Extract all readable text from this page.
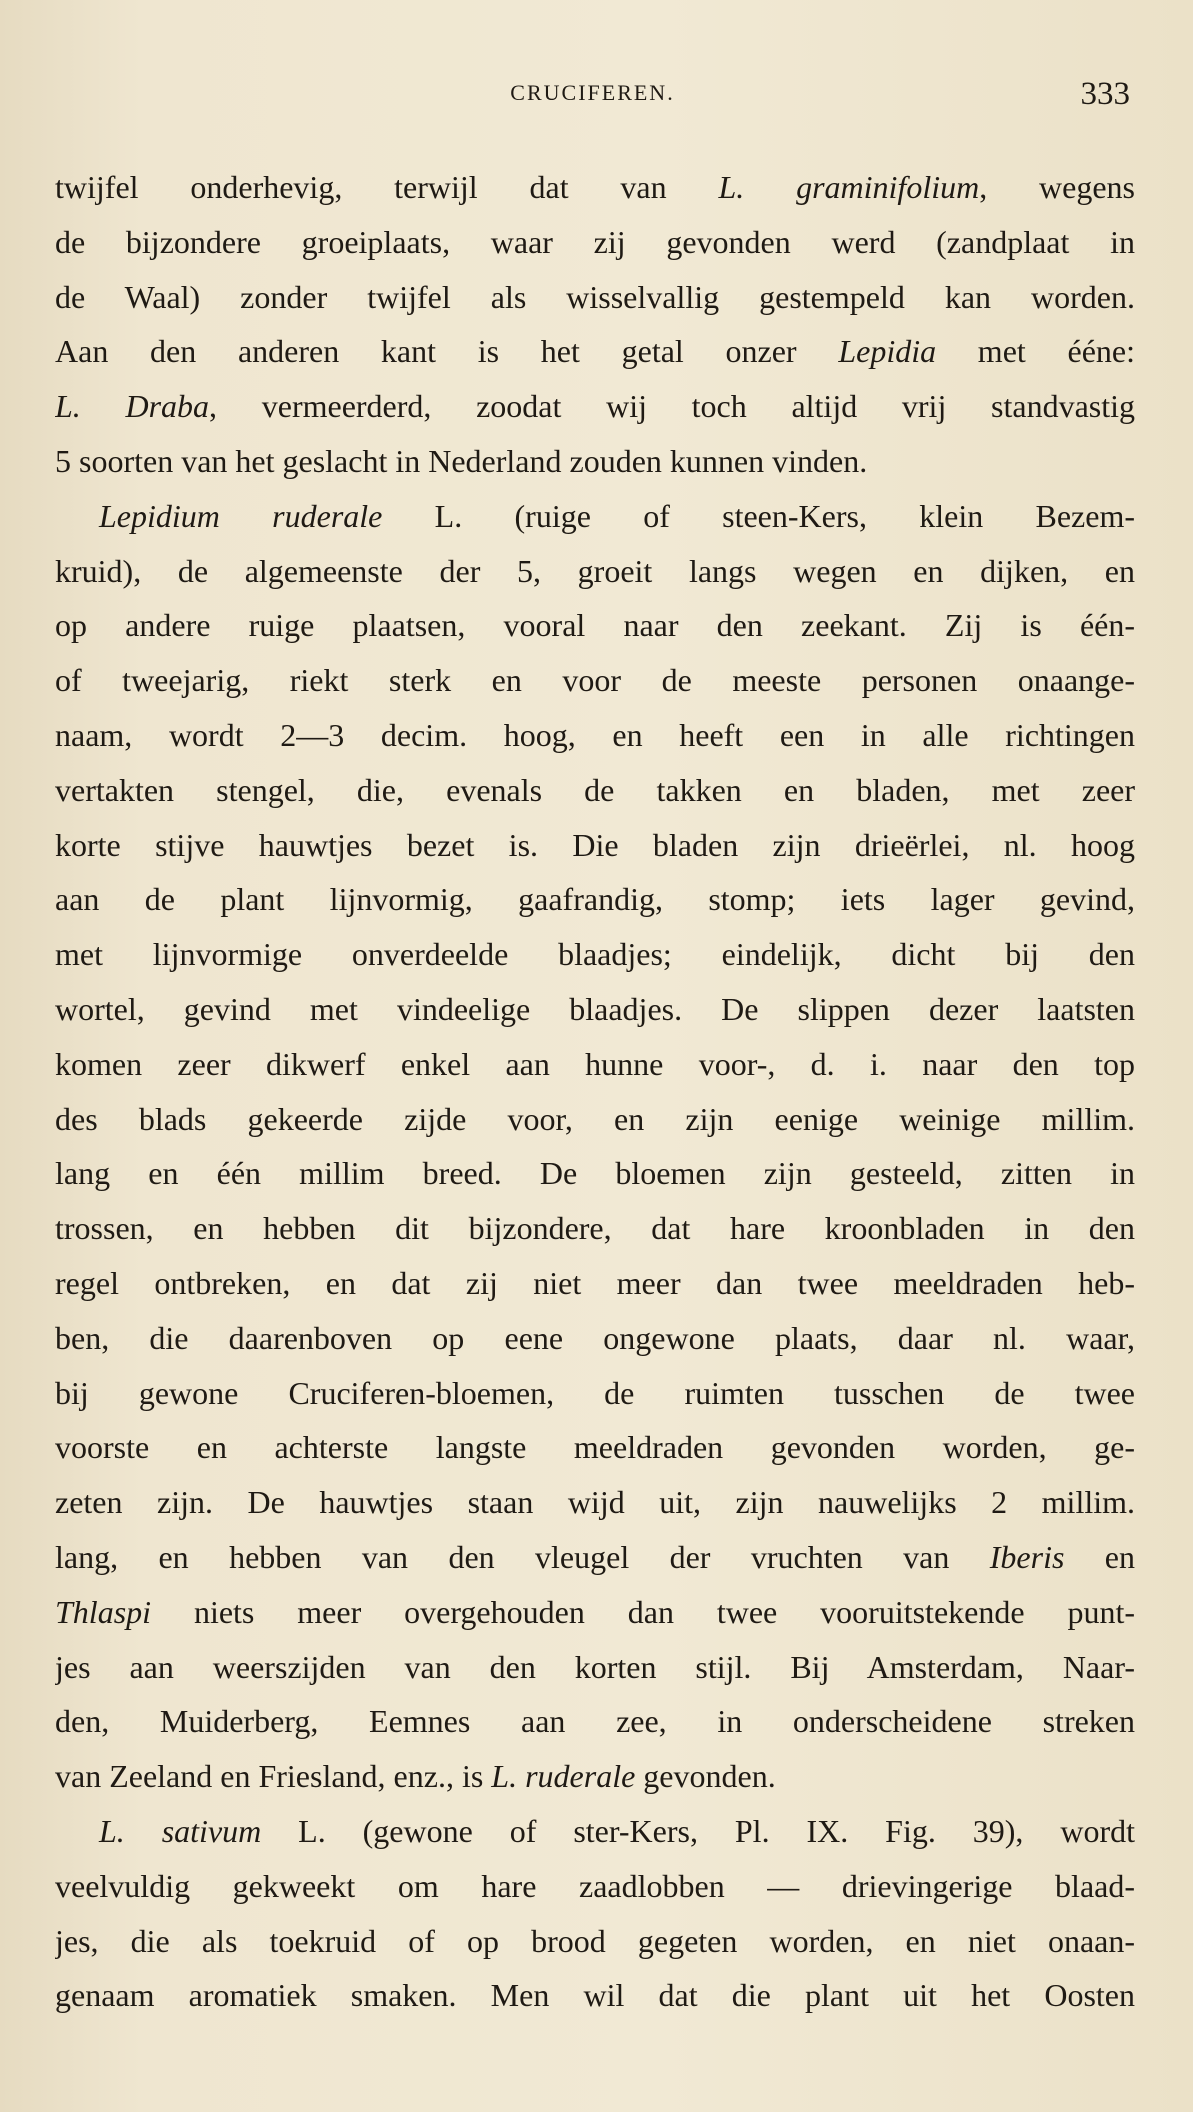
CRUCIFEREN.	333
twijfel onderhevig, terwijl dat van L. graminifolium, wegens
de bijzondere groeiplaats, waar zij gevonden werd (zandplaat in
de Waal) zonder twijfel als wisselvallig gestempeld kan worden.
Aan den anderen kant is het getal onzer Lepidia met ééne:
L. Draba, vermeerderd, zoodat wij toch altijd vrij standvastig
5 soorten van het geslacht in Nederland zouden kunnen vinden.
Lepidium ruderale L. (ruige of steen-Kers, klein Bezem-
kruid), de algemeenste der 5, groeit langs wegen en dijken, en
op andere ruige plaatsen, vooral naar den zeekant. Zij is één-
of tweejarig, riekt sterk en voor de meeste personen onaange-
naam, wordt 2—3 decim. hoog, en heeft een in alle richtingen
vertakten stengel, die, evenals de takken en bladen, met zeer
korte stijve hauwtjes bezet is. Die bladen zijn drieërlei, nl. hoog
aan de plant lijnvormig, gaafrandig, stomp; iets lager gevind,
met lijnvormige onverdeelde blaadjes; eindelijk, dicht bij den
wortel, gevind met vindeelige blaadjes. De slippen dezer laatsten
komen zeer dikwerf enkel aan hunne voor-, d. i. naar den top
des blads gekeerde zijde voor, en zijn eenige weinige millim.
lang en één millim breed. De bloemen zijn gesteeld, zitten in
trossen, en hebben dit bijzondere, dat hare kroonbladen in den
regel ontbreken, en dat zij niet meer dan twee meeldraden heb-
ben, die daarenboven op eene ongewone plaats, daar nl. waar,
bij gewone Cruciferen-bloemen, de ruimten tusschen de twee
voorste en achterste langste meeldraden gevonden worden, ge-
zeten zijn. De hauwtjes staan wijd uit, zijn nauwelijks 2 millim.
lang, en hebben van den vleugel der vruchten van Iberis en
Thlaspi niets meer overgehouden dan twee vooruitstekende punt-
jes aan weerszijden van den korten stijl. Bij Amsterdam, Naar-
den, Muiderberg, Eemnes aan zee, in onderscheidene streken
van Zeeland en Friesland, enz., is L. ruderale gevonden.
L. sativum L. (gewone of ster-Kers, Pl. IX. Fig. 39), wordt
veelvuldig gekweekt om hare zaadlobben — drievingerige blaad-
jes, die als toekruid of op brood gegeten worden, en niet onaan-
genaam aromatiek smaken. Men wil dat die plant uit het Oosten
